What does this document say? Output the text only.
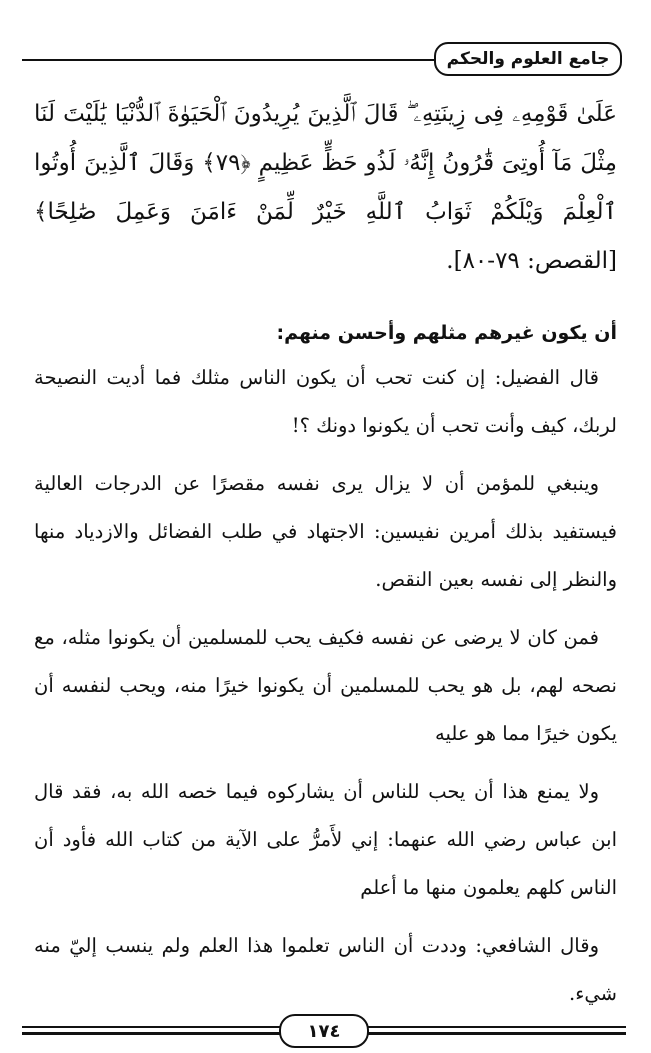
جامع العلوم والحكم

عَلَىٰ قَوْمِهِۦ فِى زِينَتِهِۦ ۖ قَالَ ٱلَّذِينَ يُرِيدُونَ ٱلْحَيَوٰةَ ٱلدُّنْيَا يَٰلَيْتَ لَنَا مِثْلَ مَآ أُوتِىَ قَٰرُونُ إِنَّهُۥ لَذُو حَظٍّ عَظِيمٍ ﴿٧٩﴾ وَقَالَ ٱلَّذِينَ أُوتُوا ٱلْعِلْمَ وَيْلَكُمْ ثَوَابُ ٱللَّهِ خَيْرٌ لِّمَنْ ءَامَنَ وَعَمِلَ صَٰلِحًا﴾ [القصص: ٧٩-٨٠].

أن يكون غيرهم مثلهم وأحسن منهم:

قال الفضيل: إن كنت تحب أن يكون الناس مثلك فما أديت النصيحة لربك، كيف وأنت تحب أن يكونوا دونك ؟!

وينبغي للمؤمن أن لا يزال يرى نفسه مقصرًا عن الدرجات العالية فيستفيد بذلك أمرين نفيسين: الاجتهاد في طلب الفضائل والازدياد منها والنظر إلى نفسه بعين النقص.

فمن كان لا يرضى عن نفسه فكيف يحب للمسلمين أن يكونوا مثله، مع نصحه لهم، بل هو يحب للمسلمين أن يكونوا خيرًا منه، ويحب لنفسه أن يكون خيرًا مما هو عليه

ولا يمنع هذا أن يحب للناس أن يشاركوه فيما خصه الله به، فقد قال ابن عباس رضي الله عنهما: إني لأَمرُّ على الآية من كتاب الله فأود أن الناس كلهم يعلمون منها ما أعلم

وقال الشافعي: وددت أن الناس تعلموا هذا العلم ولم ينسب إليّ منه شيء.

١٧٤
